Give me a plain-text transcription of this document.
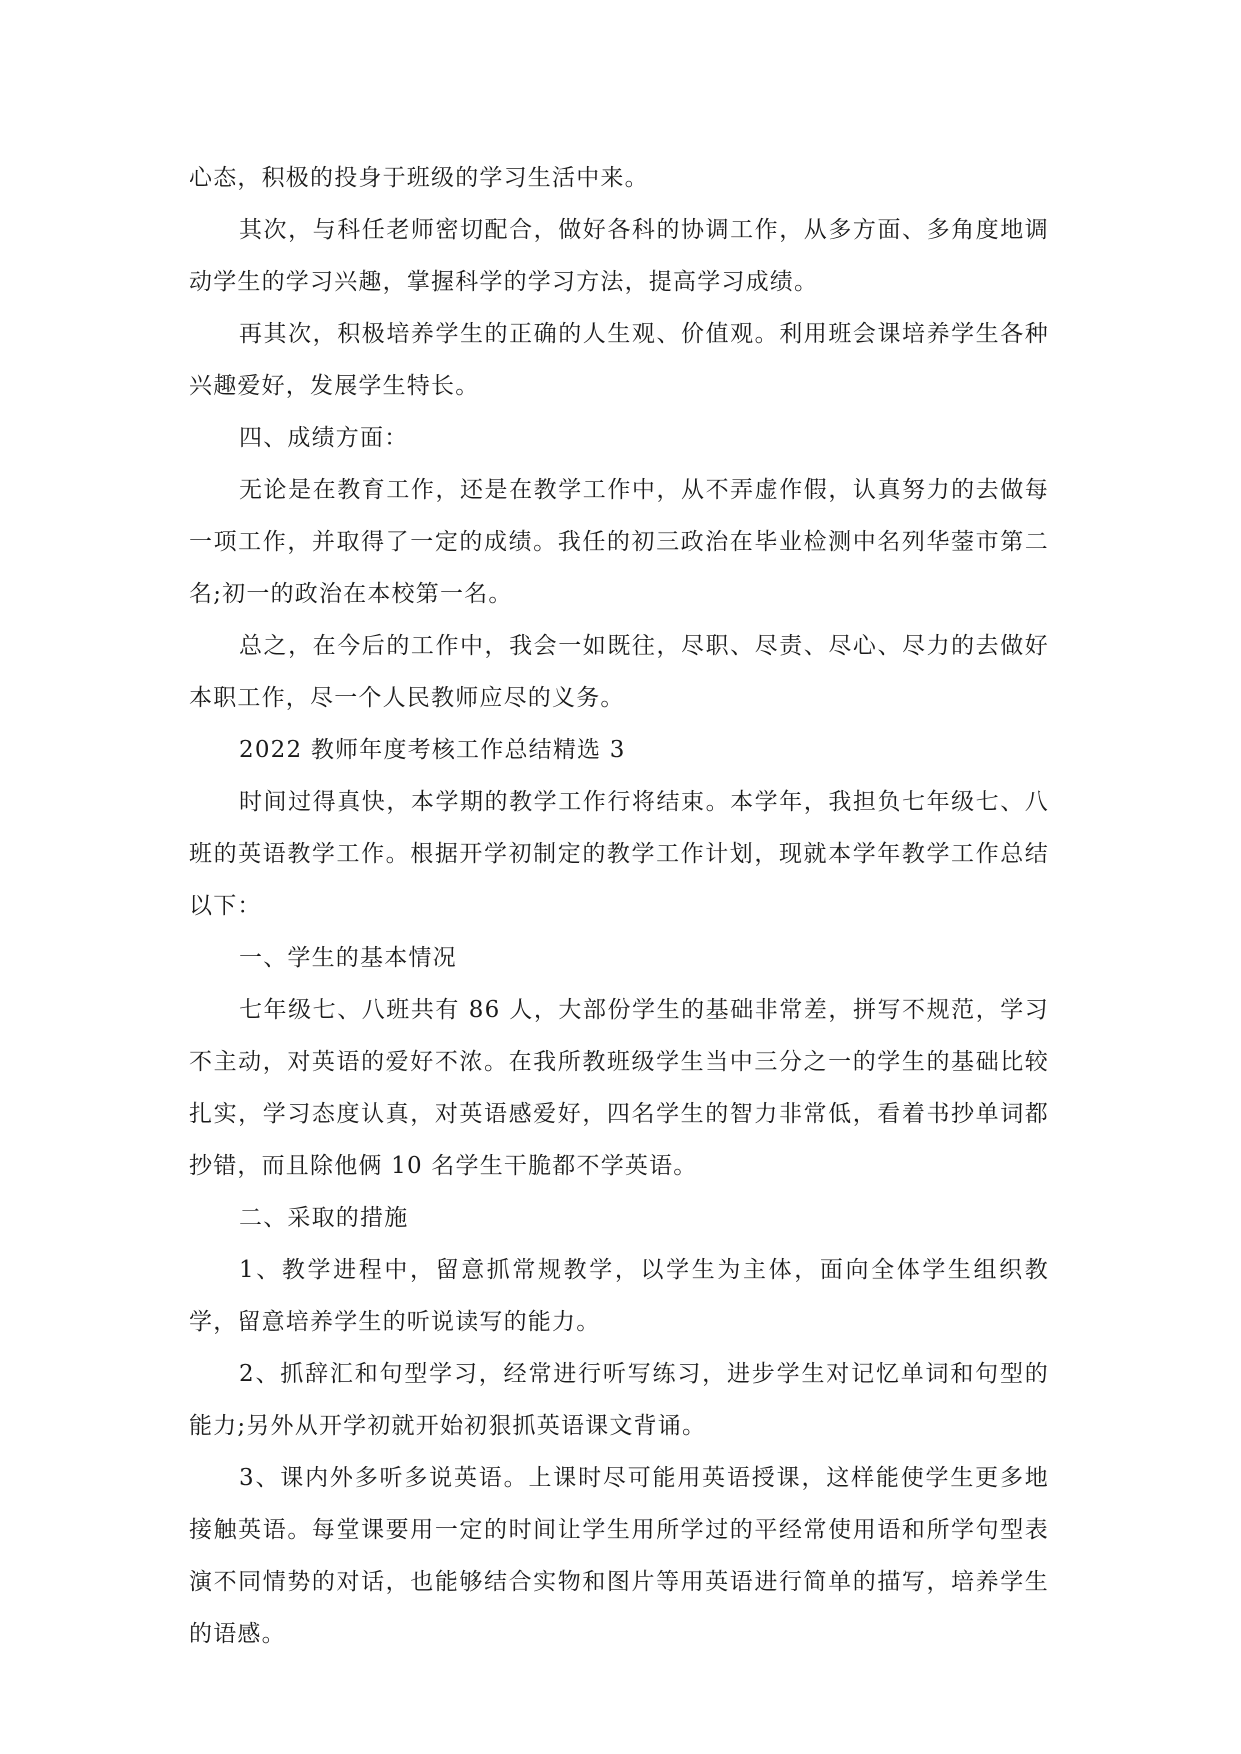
心态，积极的投身于班级的学习生活中来。

其次，与科任老师密切配合，做好各科的协调工作，从多方面、多角度地调动学生的学习兴趣，掌握科学的学习方法，提高学习成绩。

再其次，积极培养学生的正确的人生观、价值观。利用班会课培养学生各种兴趣爱好，发展学生特长。

四、成绩方面：

无论是在教育工作，还是在教学工作中，从不弄虚作假，认真努力的去做每一项工作，并取得了一定的成绩。我任的初三政治在毕业检测中名列华蓥市第二名;初一的政治在本校第一名。

总之，在今后的工作中，我会一如既往，尽职、尽责、尽心、尽力的去做好本职工作，尽一个人民教师应尽的义务。

2022 教师年度考核工作总结精选 3

时间过得真快，本学期的教学工作行将结束。本学年，我担负七年级七、八班的英语教学工作。根据开学初制定的教学工作计划，现就本学年教学工作总结以下：

一、学生的基本情况

七年级七、八班共有 86 人，大部份学生的基础非常差，拼写不规范，学习不主动，对英语的爱好不浓。在我所教班级学生当中三分之一的学生的基础比较扎实，学习态度认真，对英语感爱好，四名学生的智力非常低，看着书抄单词都抄错，而且除他俩 10 名学生干脆都不学英语。

二、采取的措施

1、教学进程中，留意抓常规教学，以学生为主体，面向全体学生组织教学，留意培养学生的听说读写的能力。

2、抓辞汇和句型学习，经常进行听写练习，进步学生对记忆单词和句型的能力;另外从开学初就开始初狠抓英语课文背诵。

3、课内外多听多说英语。上课时尽可能用英语授课，这样能使学生更多地接触英语。每堂课要用一定的时间让学生用所学过的平经常使用语和所学句型表演不同情势的对话，也能够结合实物和图片等用英语进行简单的描写，培养学生的语感。
